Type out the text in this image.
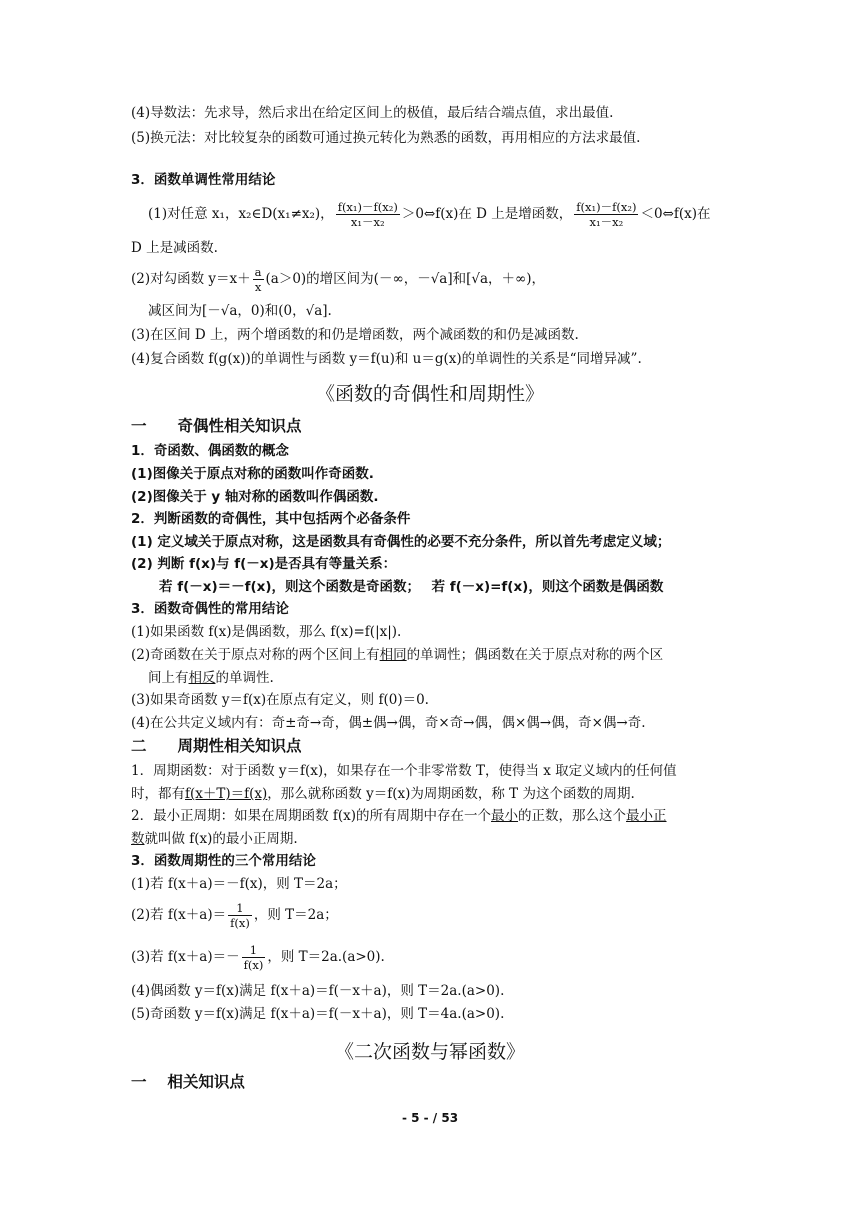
(4)导数法：先求导，然后求出在给定区间上的极值，最后结合端点值，求出最值.
(5)换元法：对比较复杂的函数可通过换元转化为熟悉的函数，再用相应的方法求最值.
3．函数单调性常用结论
(1)对任意 x₁，x₂∈D(x₁≠x₂)， $\frac{\text{f(x₁)－f(x₂)}}{\text{x₁－x₂}}$ ＞0⇔f(x)在 D 上是增函数， $\frac{\text{f(x₁)－f(x₂)}}{\text{x₁－x₂}}$ ＜0⇔f(x)在
D 上是减函数.
(2)对勾函数 $y=x+ \frac{a}{x} (a>0)$的增区间为(－∞，－√a]和[√a，＋∞)，
减区间为[－√a，0)和(0，√a].
(3)在区间 D 上，两个增函数的和仍是增函数，两个减函数的和仍是减函数.
(4)复合函数 f(g(x))的单调性与函数 y＝f(u)和 u＝g(x)的单调性的关系是“同增异减”.
《函数的奇偶性和周期性》
一　　奇偶性相关知识点
1．奇函数、偶函数的概念
(1)图像关于原点对称的函数叫作奇函数.
(2)图像关于 y 轴对称的函数叫作偶函数.
2．判断函数的奇偶性，其中包括两个必备条件
(1) 定义域关于原点对称，这是函数具有奇偶性的必要不充分条件，所以首先考虑定义域；
(2) 判断 f(x)与 f(－x)是否具有等量关系：
若 f(－x)＝－f(x)，则这个函数是奇函数；　 若 f(－x)=f(x)，则这个函数是偶函数
3．函数奇偶性的常用结论
(1)如果函数 f(x)是偶函数，那么 f(x)=f(|x|).
(2)奇函数在关于原点对称的两个区间上有相同的单调性；偶函数在关于原点对称的两个区
间上有相反的单调性.
(3)如果奇函数 y＝f(x)在原点有定义，则 f(0)＝0.
(4)在公共定义域内有：奇±奇→奇，偶±偶→偶，奇×奇→偶，偶×偶→偶，奇×偶→奇.
二　　周期性相关知识点
1．周期函数：对于函数 y＝f(x)，如果存在一个非零常数 T，使得当 x 取定义域内的任何值
时，都有f(x＋T)＝f(x)，那么就称函数 y＝f(x)为周期函数，称 T 为这个函数的周期.
2．最小正周期：如果在周期函数 f(x)的所有周期中存在一个最小的正数，那么这个最小正
数就叫做 f(x)的最小正周期.
3．函数周期性的三个常用结论
(1)若 f(x＋a)＝－f(x)，则 T＝2a；
(2)若 $f(x+a)= \frac{1}{f(x)}$ ，则 T＝2a；
(3)若 $f(x+a)=- \frac{1}{f(x)}$ ，则 T＝2a.(a>0).
(4)偶函数 y＝f(x)满足 f(x＋a)＝f(－x＋a)，则 T＝2a.(a>0).
(5)奇函数 y＝f(x)满足 f(x＋a)＝f(－x＋a)，则 T＝4a.(a>0).
《二次函数与幂函数》
一　 相关知识点
- 5 - / 53
